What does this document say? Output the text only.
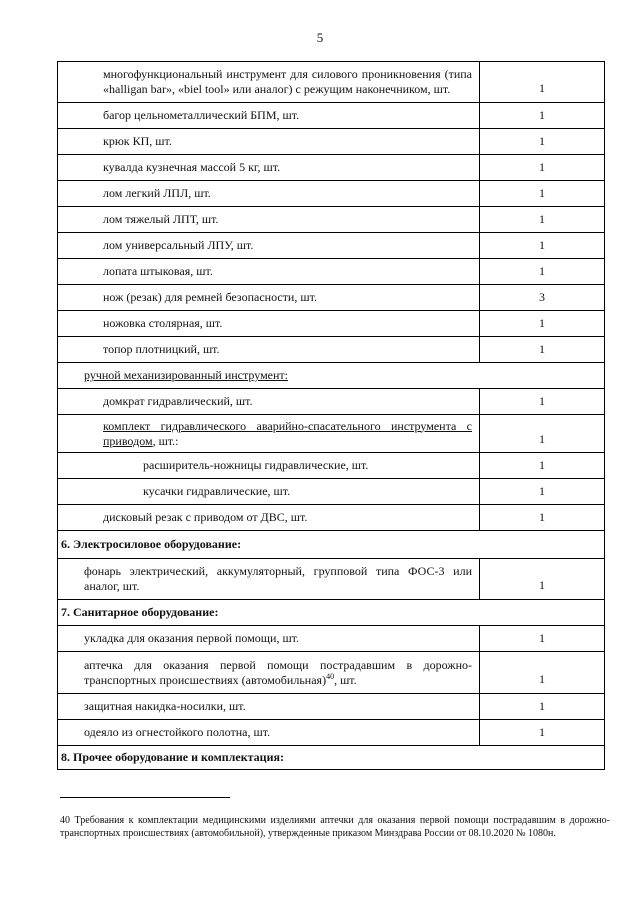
5
многофункциональный инструмент для силового проникновения (типа «halligan bar», «biel tool» или аналог) с режущим наконечником, шт.	1
багор цельнометаллический БПМ, шт.	1
крюк КП, шт.	1
кувалда кузнечная массой 5 кг, шт.	1
лом легкий ЛПЛ, шт.	1
лом тяжелый ЛПТ, шт.	1
лом универсальный ЛПУ, шт.	1
лопата штыковая, шт.	1
нож (резак) для ремней безопасности, шт.	3
ножовка столярная, шт.	1
топор плотницкий, шт.	1
ручной механизированный инструмент:	
домкрат гидравлический, шт.	1
комплект гидравлического аварийно-спасательного инструмента с приводом, шт.:	1
расширитель-ножницы гидравлические, шт.	1
кусачки гидравлические, шт.	1
дисковый резак с приводом от ДВС, шт.	1
6. Электросиловое оборудование:	
фонарь электрический, аккумуляторный, групповой типа ФОС-3 или аналог, шт.	1
7. Санитарное оборудование:	
укладка для оказания первой помощи, шт.	1
аптечка для оказания первой помощи пострадавшим в дорожно-транспортных происшествиях (автомобильная)$^{40}$, шт.	1
защитная накидка-носилки, шт.	1
одеяло из огнестойкого полотна, шт.	1
8. Прочее оборудование и комплектация:	
40 Требования к комплектации медицинскими изделиями аптечки для оказания первой помощи пострадавшим в дорожно-транспортных происшествиях (автомобильной), утвержденные приказом Минздрава России от 08.10.2020 № 1080н.
